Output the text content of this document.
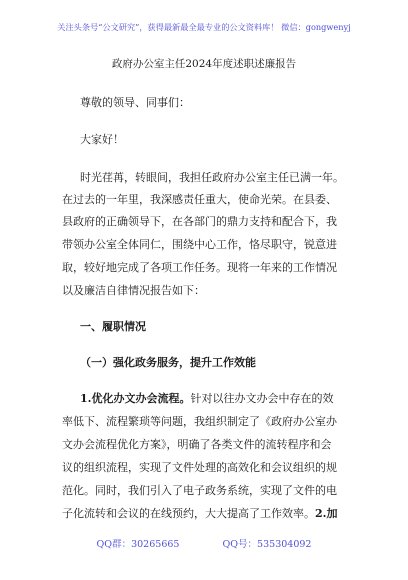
关注头条号“公文研究”，获得最新最全最专业的公文资料库！ 微信：gongwenyj
政府办公室主任2024年度述职述廉报告
尊敬的领导、同事们：
大家好！
时光荏苒，转眼间，我担任政府办公室主任已满一年。
在过去的一年里，我深感责任重大，使命光荣。在县委、
县政府的正确领导下，在各部门的鼎力支持和配合下，我
带领办公室全体同仁，围绕中心工作，恪尽职守，锐意进
取，较好地完成了各项工作任务。现将一年来的工作情况
以及廉洁自律情况报告如下：
一、履职情况
（一）强化政务服务，提升工作效能
1.优化办文办会流程。针对以往办文办会中存在的效
率低下、流程繁琐等问题，我组织制定了《政府办公室办
文办会流程优化方案》，明确了各类文件的流转程序和会
议的组织流程，实现了文件处理的高效化和会议组织的规
范化。同时，我们引入了电子政务系统，实现了文件的电
子化流转和会议的在线预约，大大提高了工作效率。2.加
QQ群：30265665	QQ号：535304092
